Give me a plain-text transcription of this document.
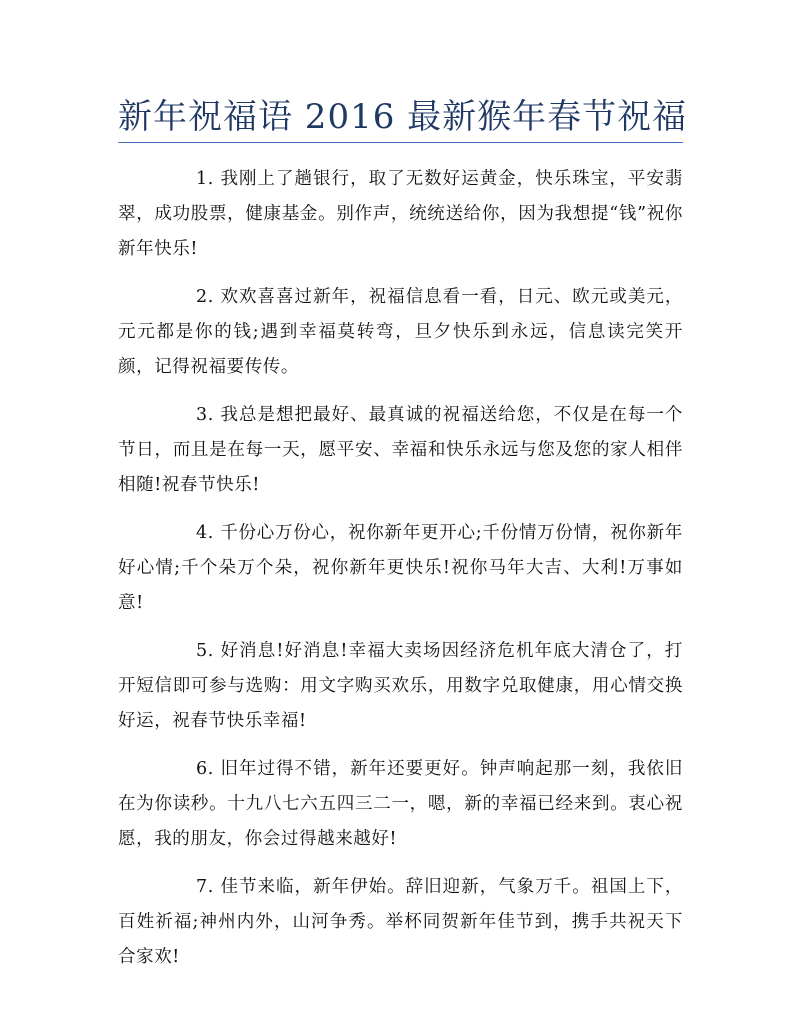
新年祝福语 2016 最新猴年春节祝福

1. 我刚上了趟银行，取了无数好运黄金，快乐珠宝，平安翡翠，成功股票，健康基金。别作声，统统送给你，因为我想提“钱”祝你新年快乐!

2. 欢欢喜喜过新年，祝福信息看一看，日元、欧元或美元，元元都是你的钱;遇到幸福莫转弯，旦夕快乐到永远，信息读完笑开颜，记得祝福要传传。

3. 我总是想把最好、最真诚的祝福送给您，不仅是在每一个节日，而且是在每一天，愿平安、幸福和快乐永远与您及您的家人相伴相随!祝春节快乐!

4. 千份心万份心，祝你新年更开心;千份情万份情，祝你新年好心情;千个朵万个朵，祝你新年更快乐!祝你马年大吉、大利!万事如意!

5. 好消息!好消息!幸福大卖场因经济危机年底大清仓了，打开短信即可参与选购：用文字购买欢乐，用数字兑取健康，用心情交换好运，祝春节快乐幸福!

6. 旧年过得不错，新年还要更好。钟声响起那一刻，我依旧在为你读秒。十九八七六五四三二一，嗯，新的幸福已经来到。衷心祝愿，我的朋友，你会过得越来越好!

7. 佳节来临，新年伊始。辞旧迎新，气象万千。祖国上下，百姓祈福;神州内外，山河争秀。举杯同贺新年佳节到，携手共祝天下合家欢!
